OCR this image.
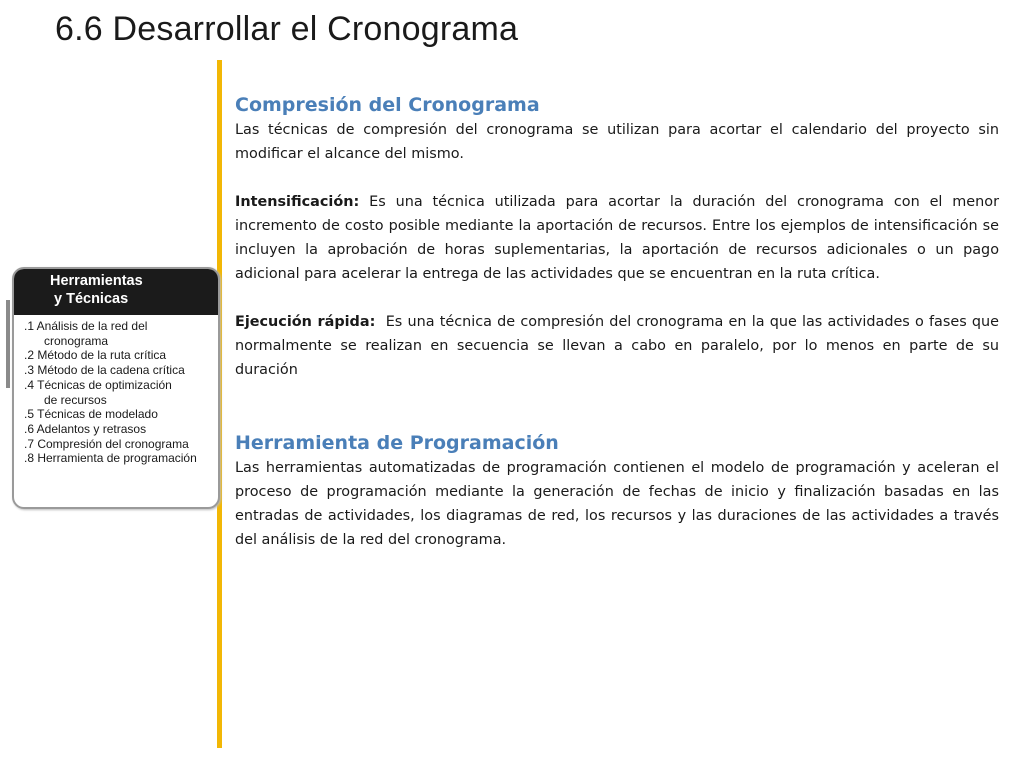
6.6 Desarrollar el Cronograma
Herramientas
y Técnicas
.1 Análisis de la red del
cronograma
.2 Método de la ruta crítica
.3 Método de la cadena crítica
.4 Técnicas de optimización
de recursos
.5 Técnicas de modelado
.6 Adelantos y retrasos
.7 Compresión del cronograma
.8 Herramienta de programación
Compresión del Cronograma

Las técnicas de compresión del cronograma se utilizan para acortar el calendario del proyecto sin modificar el alcance del mismo.

Intensificación: Es una técnica utilizada para acortar la duración del cronograma con el menor incremento de costo posible mediante la aportación de recursos. Entre los ejemplos de intensificación se incluyen la aprobación de horas suplementarias, la aportación de recursos adicionales o un pago adicional para acelerar la entrega de las actividades que se encuentran en la ruta crítica.

Ejecución rápida:  Es una técnica de compresión del cronograma en la que las actividades o fases que normalmente se realizan en secuencia se llevan a cabo en paralelo, por lo menos en parte de su duración

Herramienta de Programación

Las herramientas automatizadas de programación contienen el modelo de programación y aceleran el proceso de programación mediante la generación de fechas de inicio y finalización basadas en las entradas de actividades, los diagramas de red, los recursos y las duraciones de las actividades a través del análisis de la red del cronograma.
